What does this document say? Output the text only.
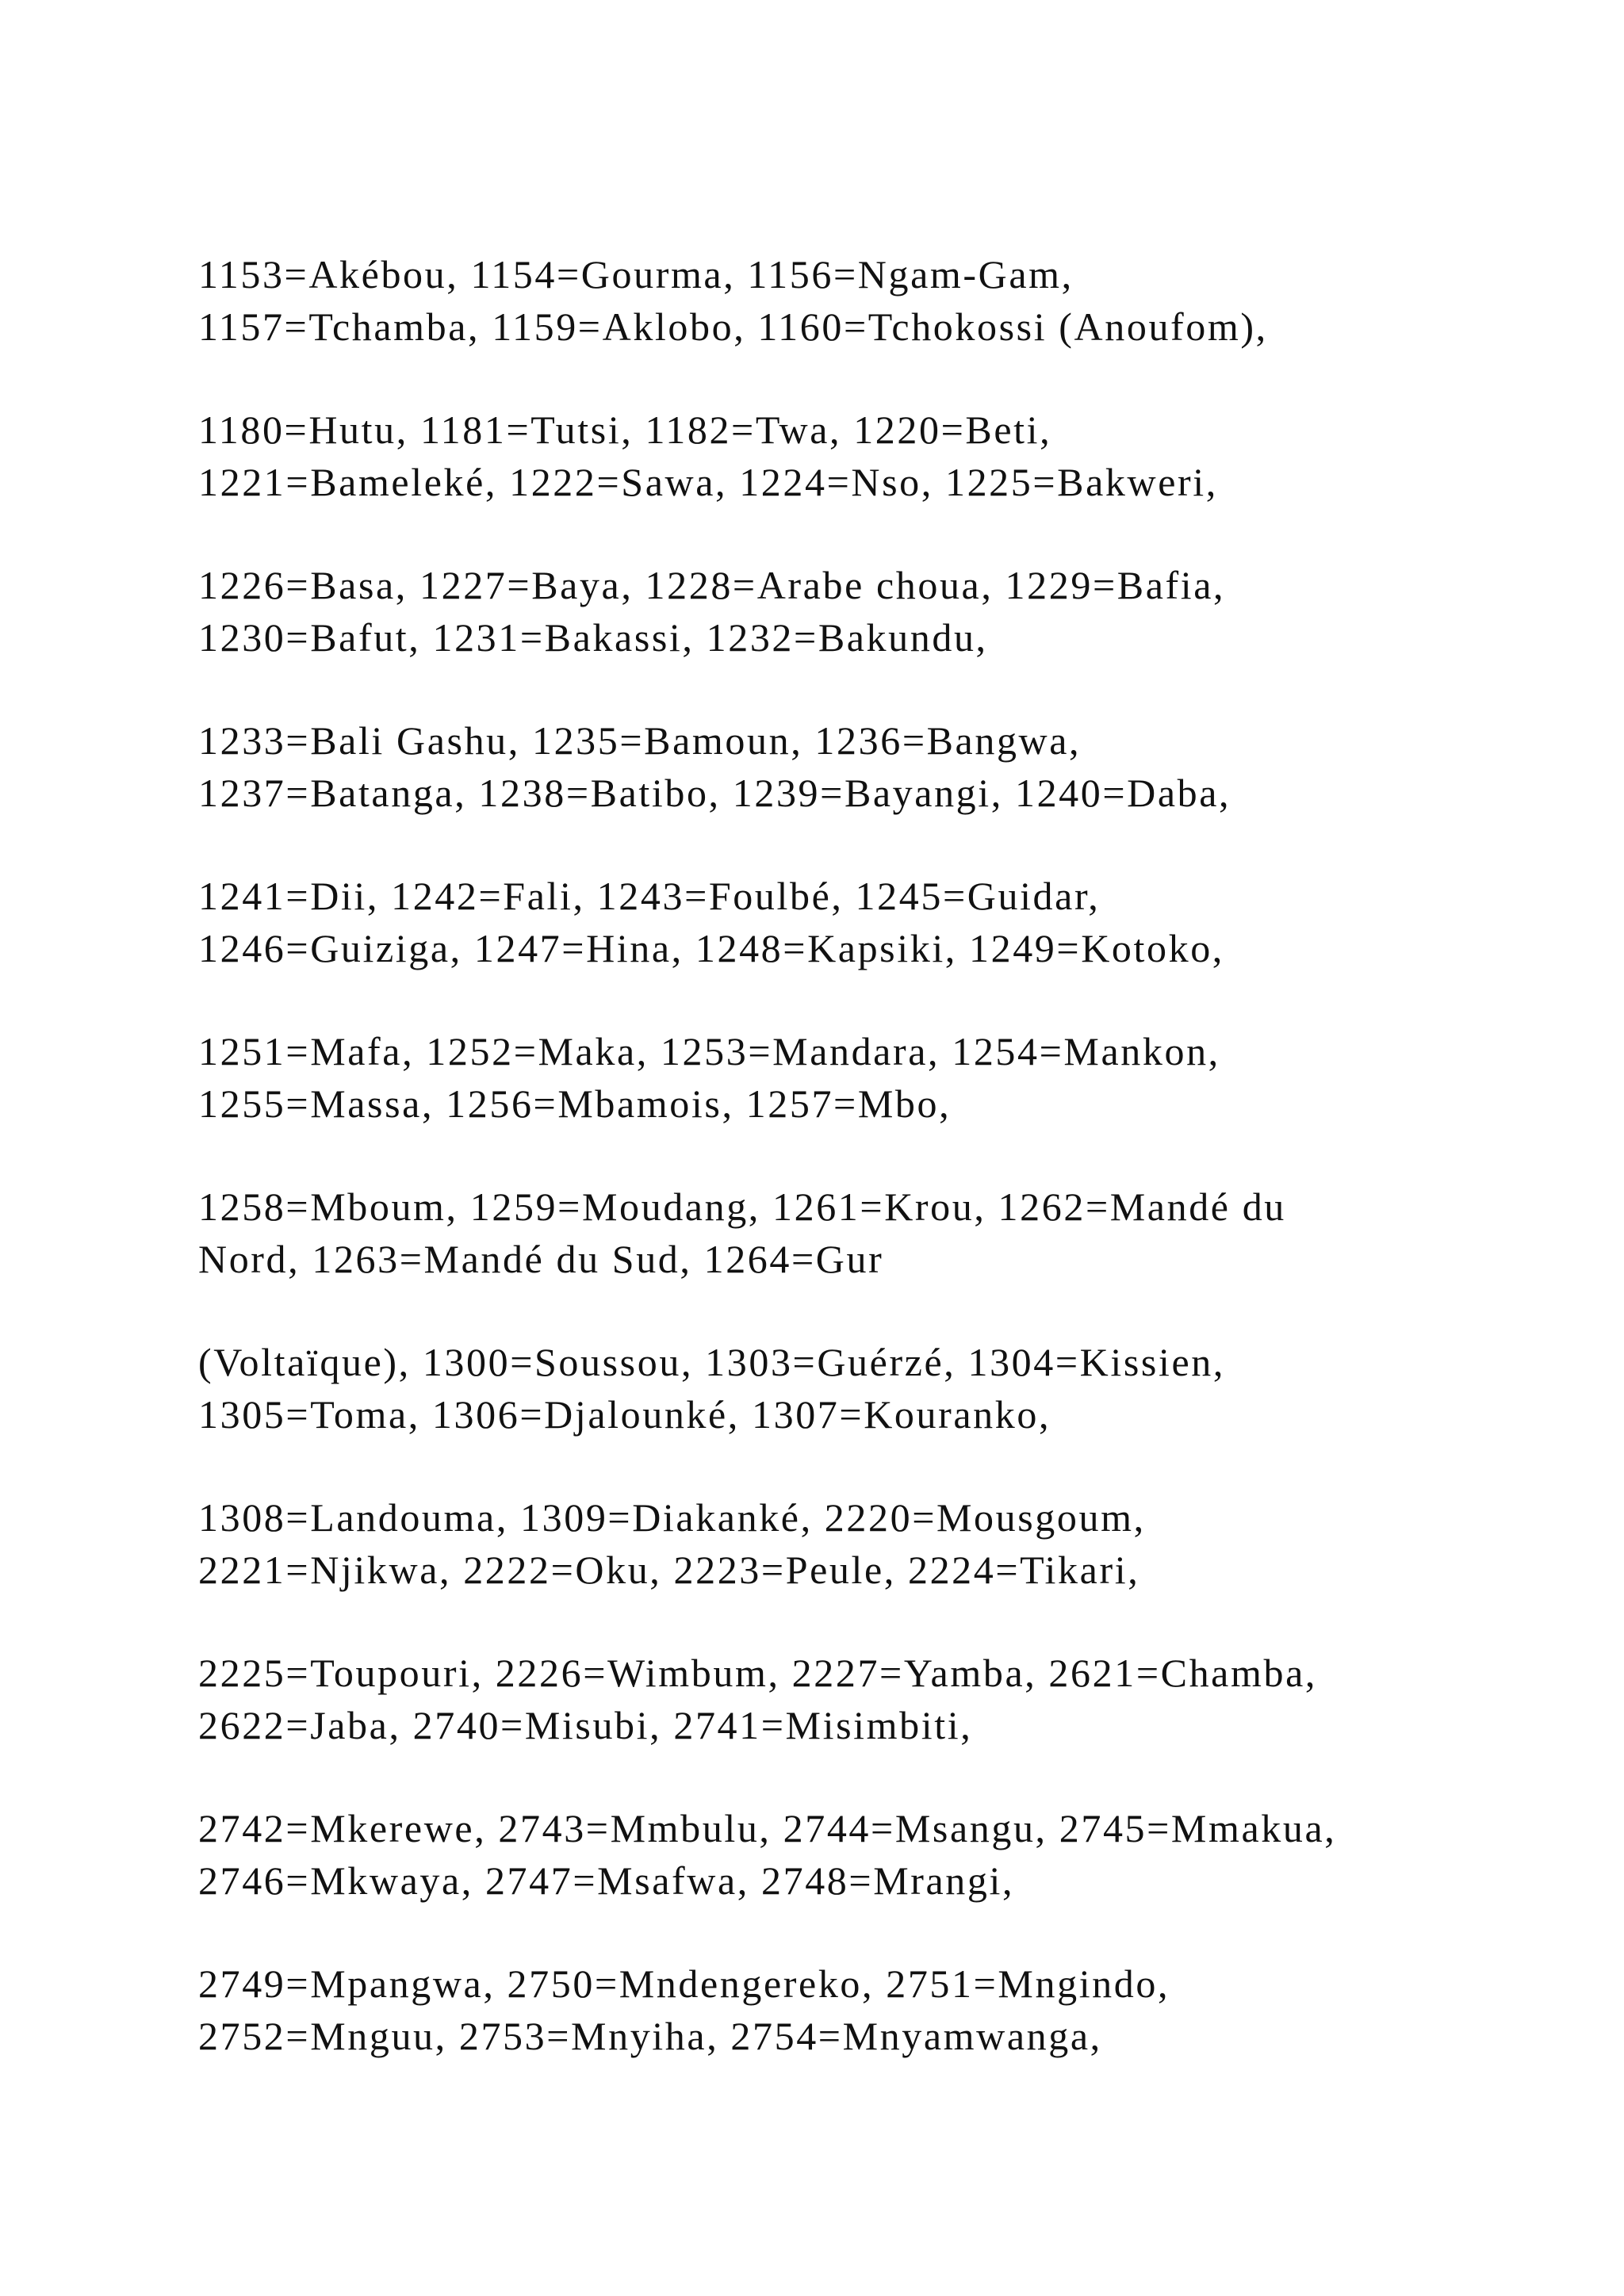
1153=Akébou, 1154=Gourma, 1156=Ngam-Gam,
1157=Tchamba, 1159=Aklobo, 1160=Tchokossi (Anoufom),

1180=Hutu, 1181=Tutsi, 1182=Twa, 1220=Beti,
1221=Bameleké, 1222=Sawa, 1224=Nso, 1225=Bakweri,

1226=Basa, 1227=Baya, 1228=Arabe choua, 1229=Bafia,
1230=Bafut, 1231=Bakassi, 1232=Bakundu,

1233=Bali Gashu, 1235=Bamoun, 1236=Bangwa,
1237=Batanga, 1238=Batibo, 1239=Bayangi, 1240=Daba,

1241=Dii, 1242=Fali, 1243=Foulbé, 1245=Guidar,
1246=Guiziga, 1247=Hina, 1248=Kapsiki, 1249=Kotoko,

1251=Mafa, 1252=Maka, 1253=Mandara, 1254=Mankon,
1255=Massa, 1256=Mbamois, 1257=Mbo,

1258=Mboum, 1259=Moudang, 1261=Krou, 1262=Mandé du
Nord, 1263=Mandé du Sud, 1264=Gur

(Voltaïque), 1300=Soussou, 1303=Guérzé, 1304=Kissien,
1305=Toma, 1306=Djalounké, 1307=Kouranko,

1308=Landouma, 1309=Diakanké, 2220=Mousgoum,
2221=Njikwa, 2222=Oku, 2223=Peule, 2224=Tikari,

2225=Toupouri, 2226=Wimbum, 2227=Yamba, 2621=Chamba,
2622=Jaba, 2740=Misubi, 2741=Misimbiti,

2742=Mkerewe, 2743=Mmbulu, 2744=Msangu, 2745=Mmakua,
2746=Mkwaya, 2747=Msafwa, 2748=Mrangi,

2749=Mpangwa, 2750=Mndengereko, 2751=Mngindo,
2752=Mnguu, 2753=Mnyiha, 2754=Mnyamwanga,
